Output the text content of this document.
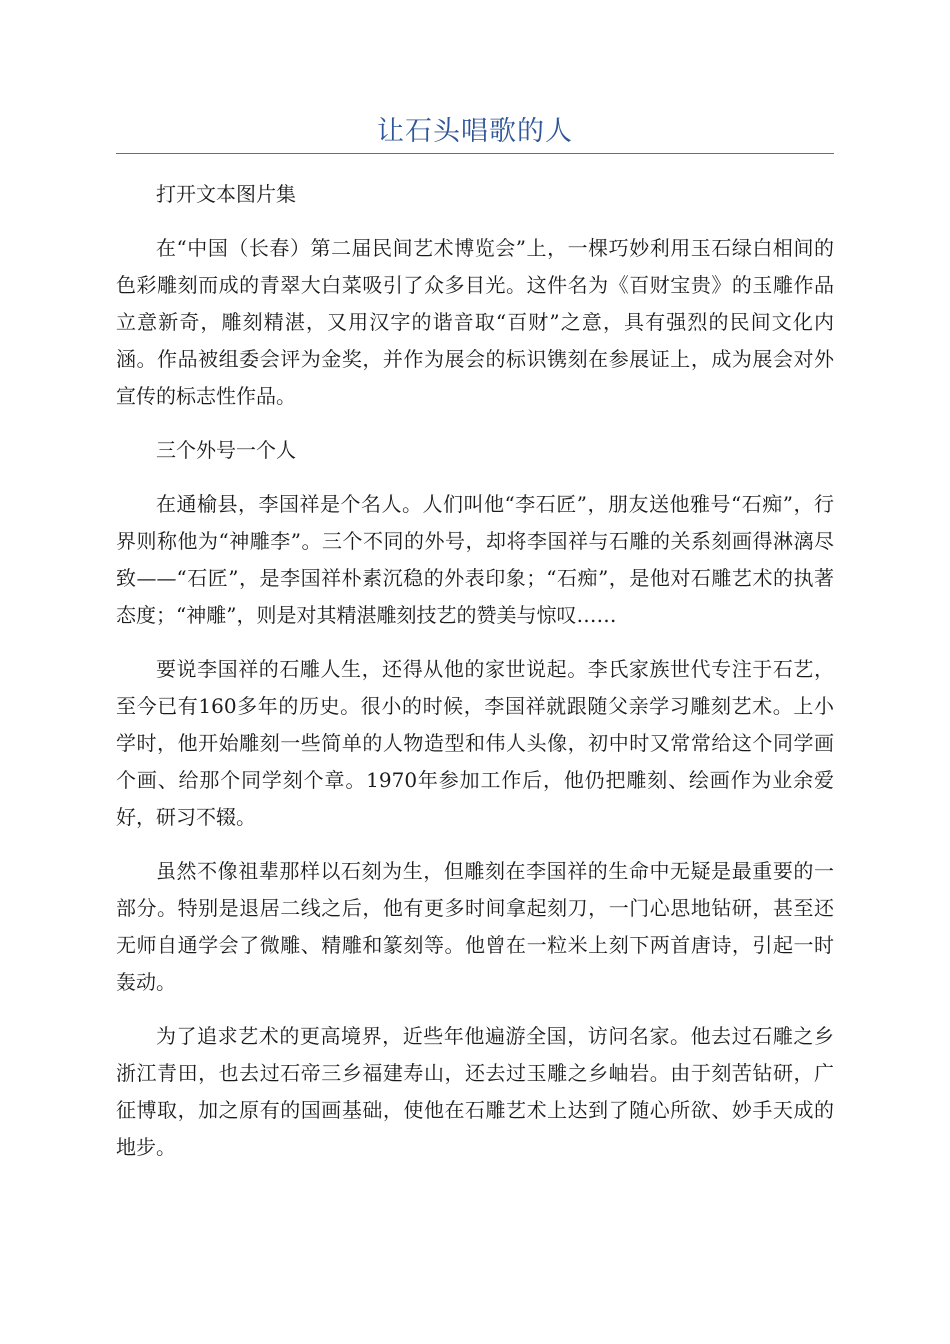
让石头唱歌的人

打开文本图片集

在“中国（长春）第二届民间艺术博览会”上，一棵巧妙利用玉石绿白相间的色彩雕刻而成的青翠大白菜吸引了众多目光。这件名为《百财宝贵》的玉雕作品立意新奇，雕刻精湛，又用汉字的谐音取“百财”之意，具有强烈的民间文化内涵。作品被组委会评为金奖，并作为展会的标识镌刻在参展证上，成为展会对外宣传的标志性作品。

三个外号一个人

在通榆县，李国祥是个名人。人们叫他“李石匠”，朋友送他雅号“石痴”，行界则称他为“神雕李”。三个不同的外号，却将李国祥与石雕的关系刻画得淋漓尽致——“石匠”，是李国祥朴素沉稳的外表印象；“石痴”，是他对石雕艺术的执著态度；“神雕”，则是对其精湛雕刻技艺的赞美与惊叹……

要说李国祥的石雕人生，还得从他的家世说起。李氏家族世代专注于石艺，至今已有160多年的历史。很小的时候，李国祥就跟随父亲学习雕刻艺术。上小学时，他开始雕刻一些简单的人物造型和伟人头像，初中时又常常给这个同学画个画、给那个同学刻个章。1970年参加工作后，他仍把雕刻、绘画作为业余爱好，研习不辍。

虽然不像祖辈那样以石刻为生，但雕刻在李国祥的生命中无疑是最重要的一部分。特别是退居二线之后，他有更多时间拿起刻刀，一门心思地钻研，甚至还无师自通学会了微雕、精雕和篆刻等。他曾在一粒米上刻下两首唐诗，引起一时轰动。

为了追求艺术的更高境界，近些年他遍游全国，访问名家。他去过石雕之乡浙江青田，也去过石帝三乡福建寿山，还去过玉雕之乡岫岩。由于刻苦钻研，广征博取，加之原有的国画基础，使他在石雕艺术上达到了随心所欲、妙手天成的地步。
